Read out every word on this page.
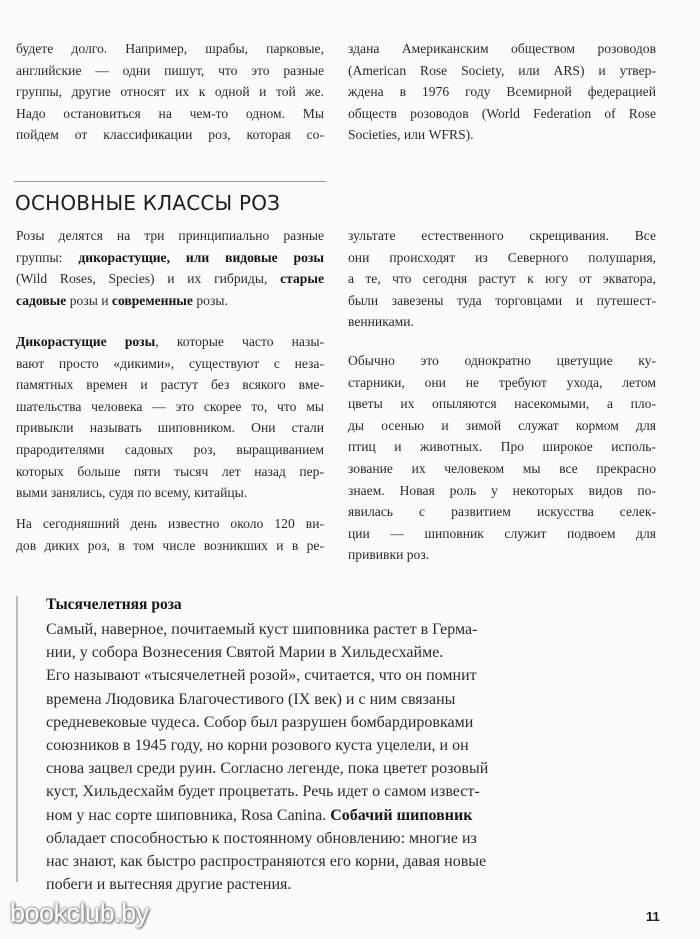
будете долго. Например, шрабы, парковые,
английские — одни пишут, что это разные
группы, другие относят их к одной и той же.
Надо остановиться на чем-то одном. Мы
пойдем от классификации роз, которая со-

здана Американским обществом розоводов
(American Rose Society, или ARS) и утвер-
ждена в 1976 году Всемирной федерацией
обществ розоводов (World Federation of Rose
Societies, или WFRS).

ОСНОВНЫЕ КЛАССЫ РОЗ

Розы делятся на три принципиально разные
группы: дикорастущие, или видовые розы
(Wild Roses, Species) и их гибриды, старые
садовые розы и современные розы.

Дикорастущие розы, которые часто назы-
вают просто «дикими», существуют с неза-
памятных времен и растут без всякого вме-
шательства человека — это скорее то, что мы
привыкли называть шиповником. Они стали
прародителями садовых роз, выращиванием
которых больше пяти тысяч лет назад пер-
выми занялись, судя по всему, китайцы.

На сегодняшний день известно около 120 ви-
дов диких роз, в том числе возникших и в ре-

зультате естественного скрещивания. Все
они происходят из Северного полушария,
а те, что сегодня растут к югу от экватора,
были завезены туда торговцами и путешест-
венниками.

Обычно это однократно цветущие ку-
старники, они не требуют ухода, летом
цветы их опыляются насекомыми, а пло-
ды осенью и зимой служат кормом для
птиц и животных. Про широкое исполь-
зование их человеком мы все прекрасно
знаем. Новая роль у некоторых видов по-
явилась с развитием искусства селек-
ции — шиповник служит подвоем для
прививки роз.

Тысячелетняя роза

Самый, наверное, почитаемый куст шиповника растет в Герма-
нии, у собора Вознесения Святой Марии в Хильдесхайме.
Его называют «тысячелетней розой», считается, что он помнит
времена Людовика Благочестивого (IX век) и с ним связаны
средневековые чудеса. Собор был разрушен бомбардировками
союзников в 1945 году, но корни розового куста уцелели, и он
снова зацвел среди руин. Согласно легенде, пока цветет розовый
куст, Хильдесхайм будет процветать. Речь идет о самом извест-
ном у нас сорте шиповника, Rosa Canina. Собачий шиповник
обладает способностью к постоянному обновлению: многие из
нас знают, как быстро распространяются его корни, давая новые
побеги и вытесняя другие растения.

bookclub.by	11
